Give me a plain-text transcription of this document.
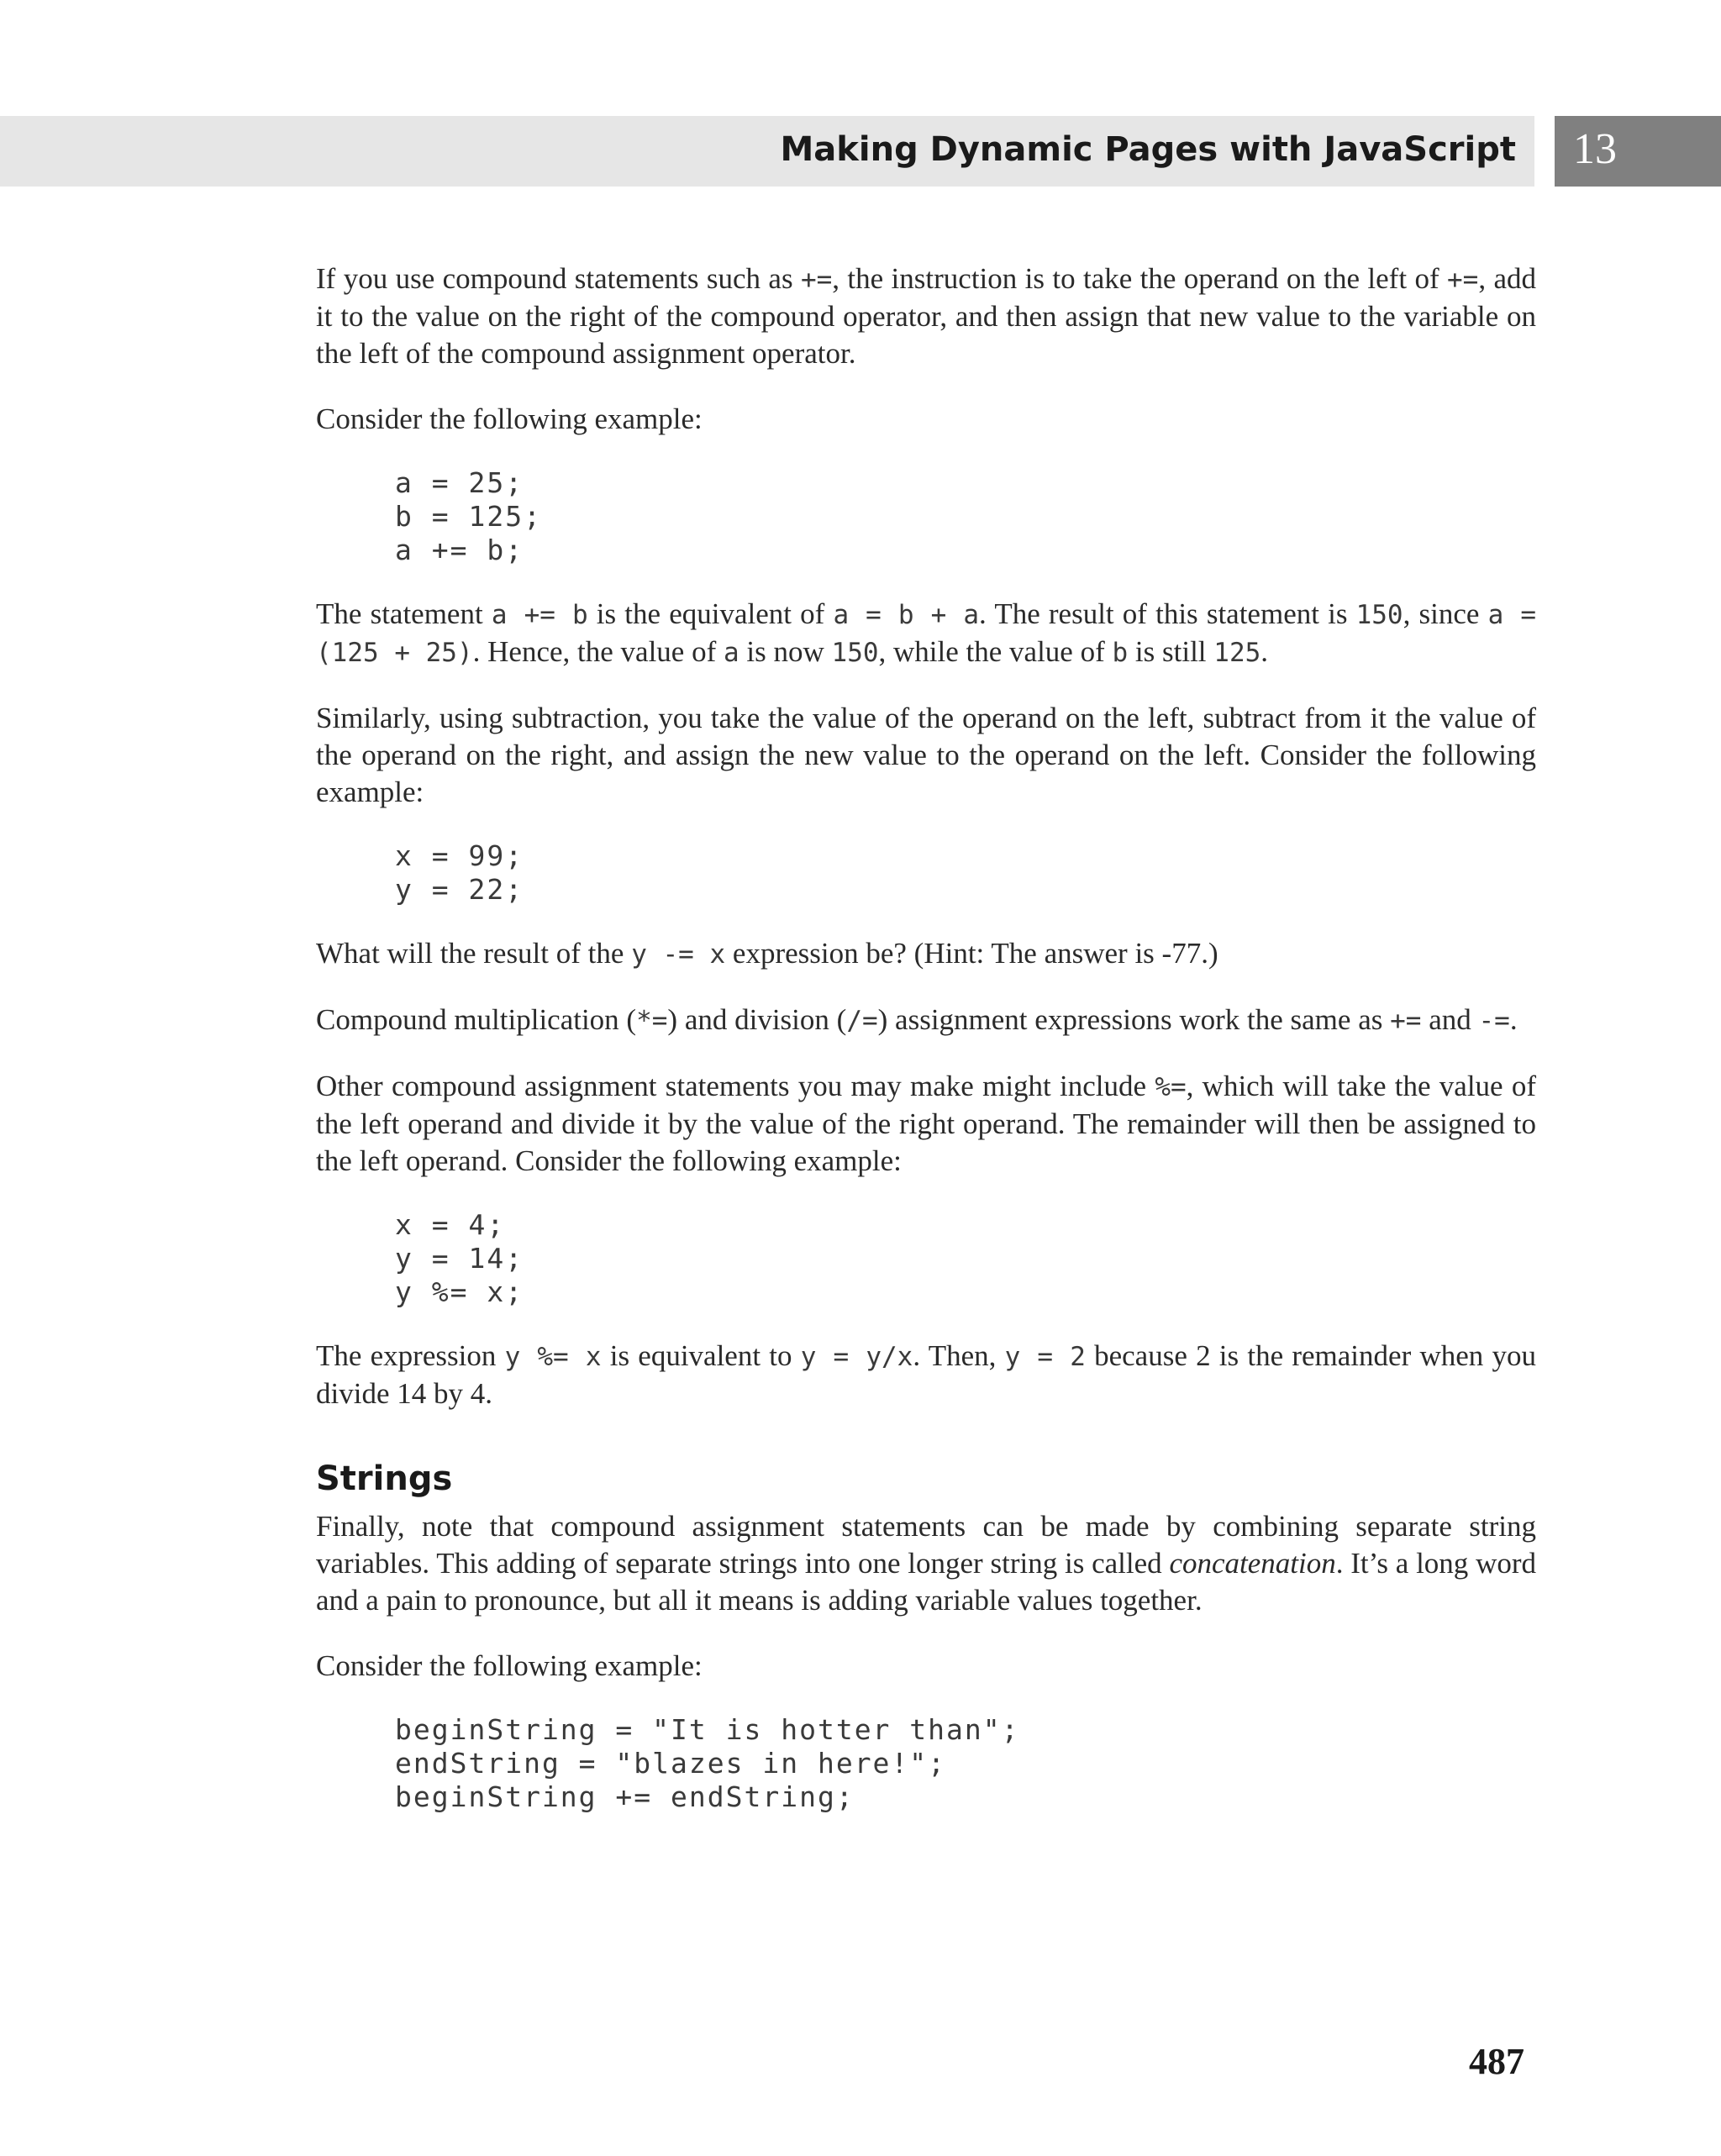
Making Dynamic Pages with JavaScript 13

If you use compound statements such as +=, the instruction is to take the operand on the left of +=, add it to the value on the right of the compound operator, and then assign that new value to the variable on the left of the compound assignment operator.

Consider the following example:

a = 25;
b = 125;
a += b;

The statement a += b is the equivalent of a = b + a. The result of this statement is 150, since a = (125 + 25). Hence, the value of a is now 150, while the value of b is still 125.

Similarly, using subtraction, you take the value of the operand on the left, subtract from it the value of the operand on the right, and assign the new value to the operand on the left. Consider the following example:

x = 99;
y = 22;

What will the result of the y -= x expression be? (Hint: The answer is -77.)

Compound multiplication (*=) and division (/=) assignment expressions work the same as += and -=.

Other compound assignment statements you may make might include %=, which will take the value of the left operand and divide it by the value of the right operand. The remainder will then be assigned to the left operand. Consider the following example:

x = 4;
y = 14;
y %= x;

The expression y %= x is equivalent to y = y/x. Then, y = 2 because 2 is the remainder when you divide 14 by 4.

Strings

Finally, note that compound assignment statements can be made by combining separate string variables. This adding of separate strings into one longer string is called concatenation. It’s a long word and a pain to pronounce, but all it means is adding variable values together.

Consider the following example:

beginString = "It is hotter than";
endString = "blazes in here!";
beginString += endString;
487
